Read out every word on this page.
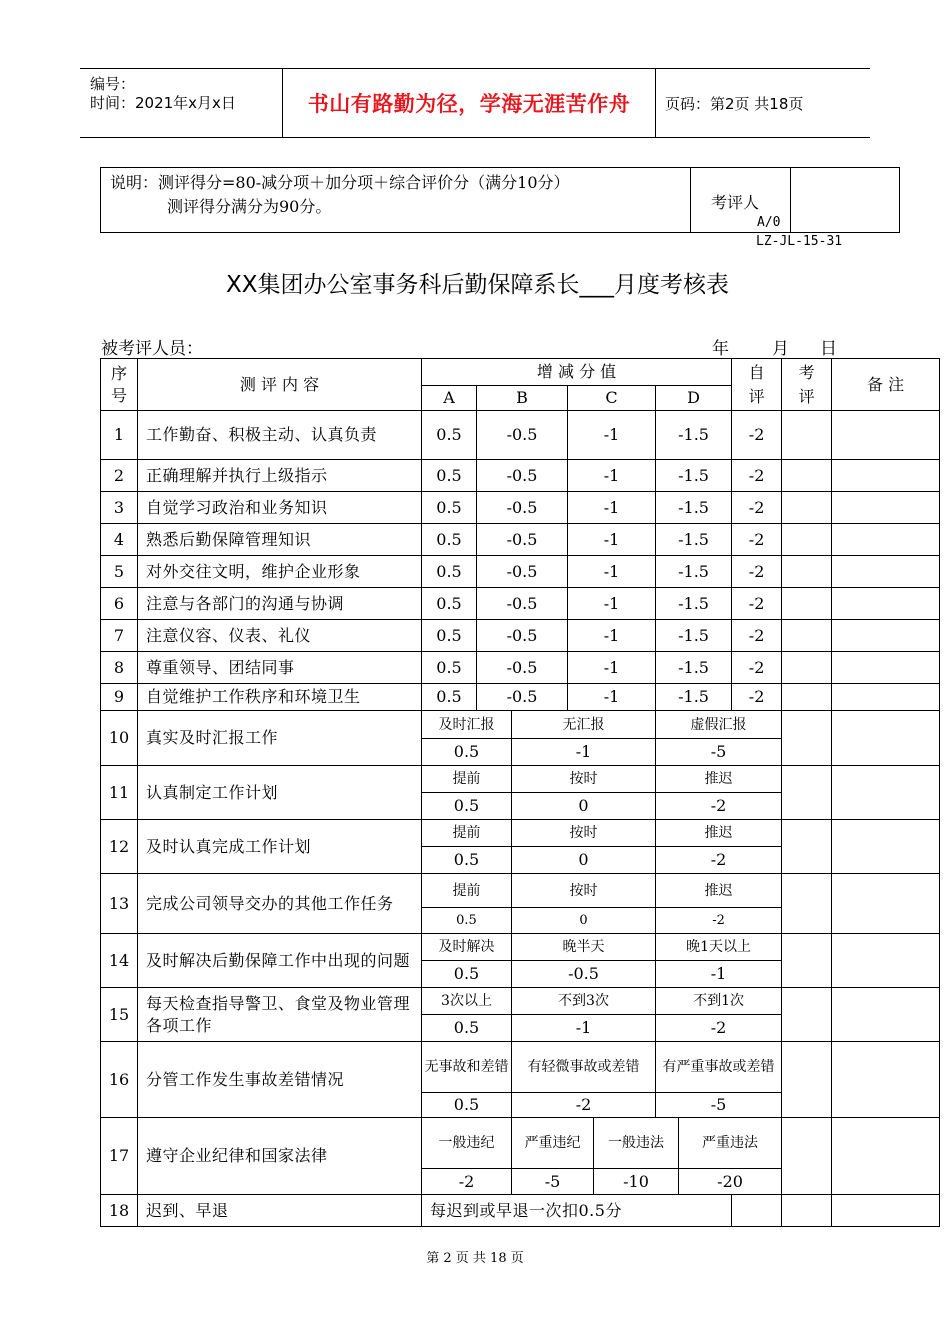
编号：
时间：2021年x月x日	书山有路勤为径，学海无涯苦作舟 页码：第2页 共18页
说明：测评得分=80-减分项＋加分项＋综合评价分（满分10分）
测评得分满分为90分。	考评人
A/0
LZ-JL-15-31
XX集团办公室事务科后勤保障系长___月度考核表
被考评人员：	年	月 日
序号	测 评 内 容	增 减 分 值							自评	考评	备 注	
		A	B		C		D	
1	工作勤奋、积极主动、认真负责	0.5	-0.5		-1		-1.5		-2			
2	正确理解并执行上级指示	0.5	-0.5		-1		-1.5		-2			
3	自觉学习政治和业务知识	0.5	-0.5		-1		-1.5		-2			
4	熟悉后勤保障管理知识	0.5	-0.5		-1		-1.5		-2			
5	对外交往文明，维护企业形象	0.5	-0.5		-1		-1.5		-2			
6	注意与各部门的沟通与协调	0.5	-0.5		-1		-1.5		-2			
7	注意仪容、仪表、礼仪	0.5	-0.5		-1		-1.5		-2			
8	尊重领导、团结同事	0.5	-0.5		-1		-1.5		-2			
9	自觉维护工作秩序和环境卫生	0.5	-0.5		-1		-1.5		-2			
10	真实及时汇报工作	及时汇报		无汇报			虚假汇报					
		0.5		-1			-5					
11	认真制定工作计划	提前		按时			推迟					
		0.5		0			-2					
12	及时认真完成工作计划	提前		按时			推迟					
		0.5		0			-2					
13	完成公司领导交办的其他工作任务	提前		按时			推迟					
		0.5		0			-2					
14	及时解决后勤保障工作中出现的问题	及时解决		晚半天			晚1天以上					
		0.5		-0.5			-1					
15	每天检查指导警卫、食堂及物业管理各项工作	3次以上		不到3次			不到1次					
		0.5		-1			-2					
16	分管工作发生事故差错情况	无事故和差错		有轻微事故或差错			有严重事故或差错					
		0.5		-2			-5					
17	遵守企业纪律和国家法律	一般违纪		严重违纪		一般违法		严重违法				
		-2		-5		-10		-20				
18	迟到、早退	每迟到或早退一次扣0.5分										
第 2 页 共 18 页
